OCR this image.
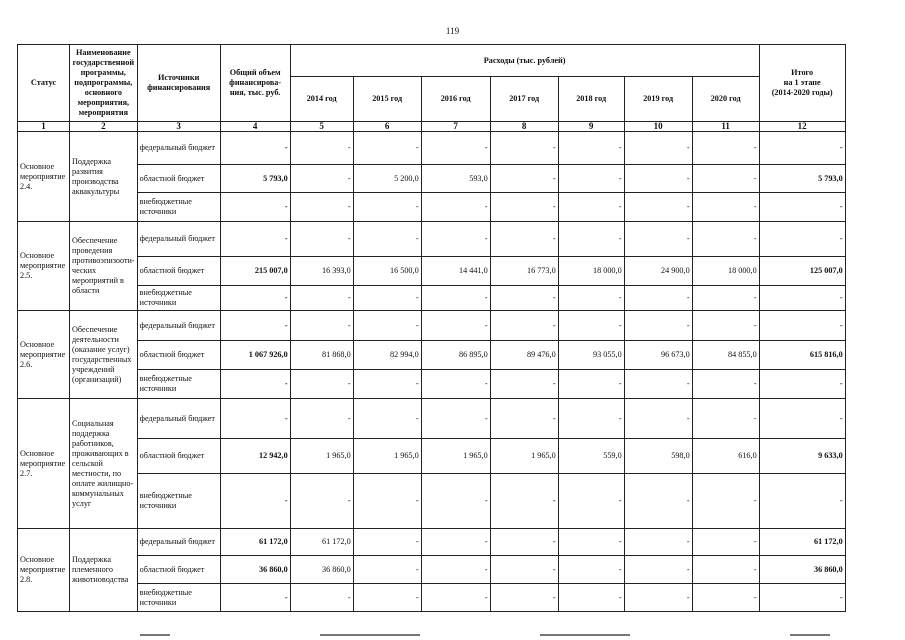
119
Статус	Наименование государственной программы, подпрограммы, основного мероприятия, мероприятия	Источники финансирования	Общий объем финансирова-ния, тыс. руб.	Расходы (тыс. рублей)							Итого
на 1 этапе
(2014-2020 годы)
				2014 год	2015 год	2016 год	2017 год	2018 год	2019 год	2020 год	
1	2	3	4	5	6	7	8	9	10	11	12
Основное мероприятие 2.4.	Поддержка развития производства аквакультуры	федеральный бюджет	-	-	-	-	-	-	-	-	-
		областной бюджет	5 793,0	-	5 200,0	593,0	-	-	-	-	5 793,0
		внебюджетные источники	-	-	-	-	-	-	-	-	-
Основное мероприятие 2.5.	Обеспечение проведения противоэпизооти-ческих мероприятий в области	федеральный бюджет	-	-	-	-	-	-	-	-	-
		областной бюджет	215 007,0	16 393,0	16 500,0	14 441,0	16 773,0	18 000,0	24 900,0	18 000,0	125 007,0
		внебюджетные источники	-	-	-	-	-	-	-	-	-
Основное мероприятие 2.6.	Обеспечение деятельности (оказание услуг) государственных учреждений (организаций)	федеральный бюджет	-	-	-	-	-	-	-	-	-
		областной бюджет	1 067 926,0	81 868,0	82 994,0	86 895,0	89 476,0	93 055,0	96 673,0	84 855,0	615 816,0
		внебюджетные источники	-	-	-	-	-	-	-	-	-
Основное мероприятие 2.7.	Социальная поддержка работников, проживающих в сельской местности, по оплате жилищно-коммунальных услуг	федеральный бюджет	-	-	-	-	-	-	-	-	-
		областной бюджет	12 942,0	1 965,0	1 965,0	1 965,0	1 965,0	559,0	598,0	616,0	9 633,0
		внебюджетные источники	-	-	-	-	-	-	-	-	-
Основное мероприятие 2.8.	Поддержка племенного животноводства	федеральный бюджет	61 172,0	61 172,0	-	-	-	-	-	-	61 172,0
		областной бюджет	36 860,0	36 860,0	-	-	-	-	-	-	36 860,0
		внебюджетные источники	-	-	-	-	-	-	-	-	-
